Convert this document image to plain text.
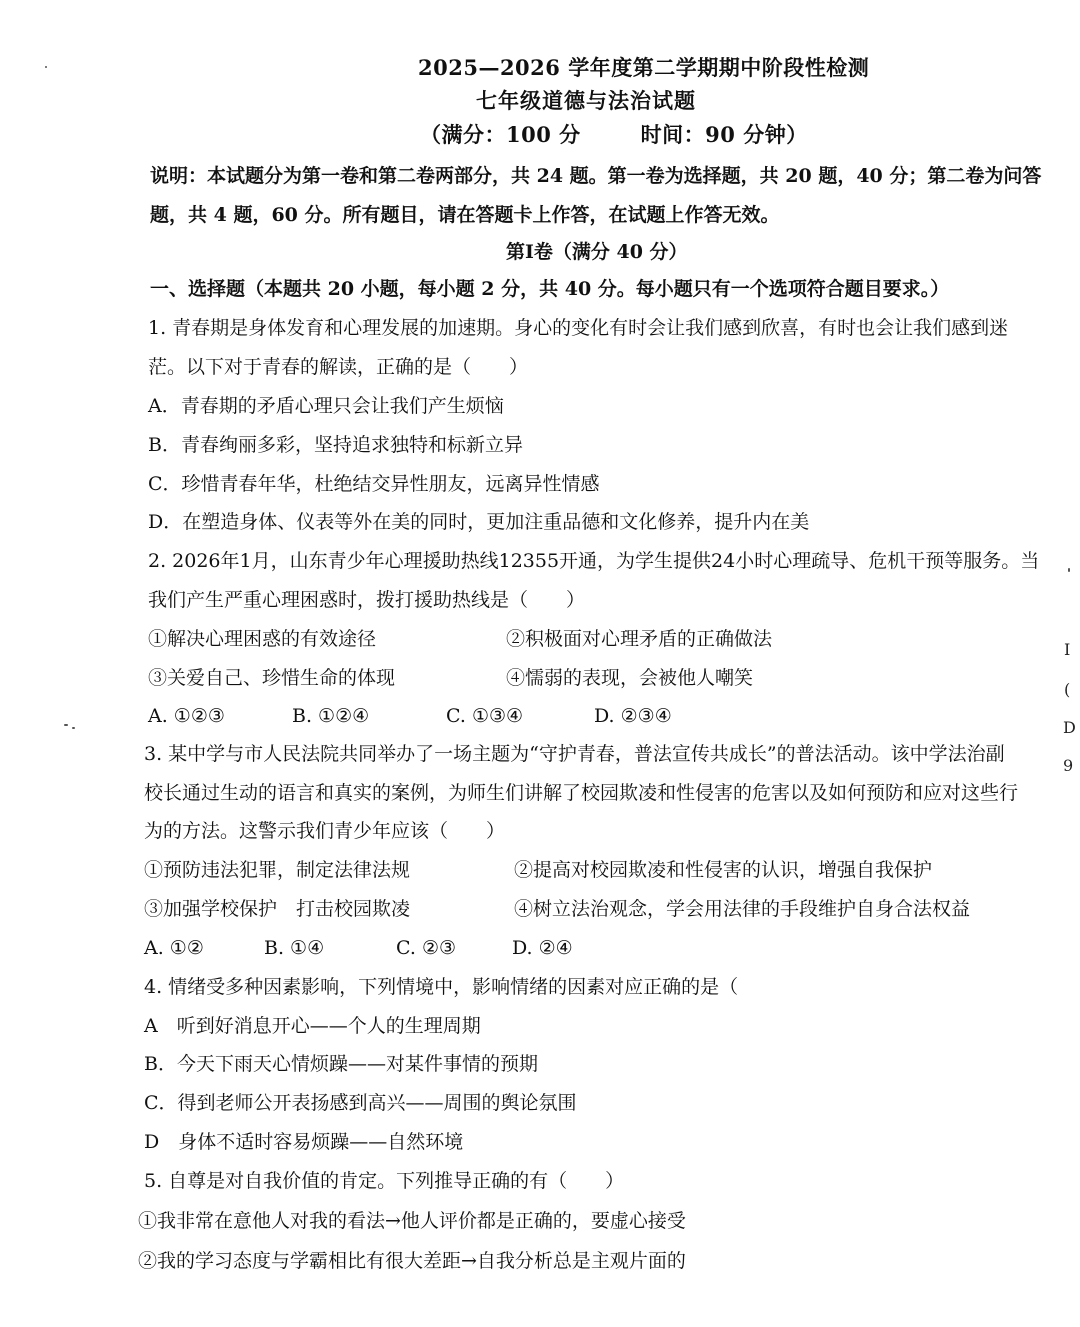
2025—2026 学年度第二学期期中阶段性检测
七年级道德与法治试题
（满分：100 分	时间：90 分钟）
说明：本试题分为第一卷和第二卷两部分，共 24 题。第一卷为选择题，共 20 题，40 分；第二卷为问答
题，共 4 题，60 分。所有题目，请在答题卡上作答，在试题上作答无效。
第Ⅰ卷（满分 40 分）
一、选择题（本题共 20 小题，每小题 2 分，共 40 分。每小题只有一个选项符合题目要求。）
1. 青春期是身体发育和心理发展的加速期。身心的变化有时会让我们感到欣喜，有时也会让我们感到迷
茫。以下对于青春的解读，正确的是（　　）
A．青春期的矛盾心理只会让我们产生烦恼
B．青春绚丽多彩，坚持追求独特和标新立异
C．珍惜青春年华，杜绝结交异性朋友，远离异性情感
D．在塑造身体、仪表等外在美的同时，更加注重品德和文化修养，提升内在美
2. 2026年1月，山东青少年心理援助热线12355开通，为学生提供24小时心理疏导、危机干预等服务。当
我们产生严重心理困惑时，拨打援助热线是（　　）
①解决心理困惑的有效途径	②积极面对心理矛盾的正确做法
③关爱自己、珍惜生命的体现	④懦弱的表现，会被他人嘲笑
A. ①②③	B. ①②④	C. ①③④	D. ②③④
3. 某中学与市人民法院共同举办了一场主题为“守护青春，普法宣传共成长”的普法活动。该中学法治副
校长通过生动的语言和真实的案例，为师生们讲解了校园欺凌和性侵害的危害以及如何预防和应对这些行
为的方法。这警示我们青少年应该（　　）
①预防违法犯罪，制定法律法规	②提高对校园欺凌和性侵害的认识，增强自我保护
③加强学校保护　打击校园欺凌	④树立法治观念，学会用法律的手段维护自身合法权益
A. ①②	B. ①④	C. ②③	D. ②④
4. 情绪受多种因素影响，下列情境中，影响情绪的因素对应正确的是（
A　听到好消息开心——个人的生理周期
B．今天下雨天心情烦躁——对某件事情的预期
C．得到老师公开表扬感到高兴——周围的舆论氛围
D　身体不适时容易烦躁——自然环境
5. 自尊是对自我价值的肯定。下列推导正确的有（　　）
①我非常在意他人对我的看法→他人评价都是正确的，要虚心接受
②我的学习态度与学霸相比有很大差距→自我分析总是主观片面的
I
(
D
9
